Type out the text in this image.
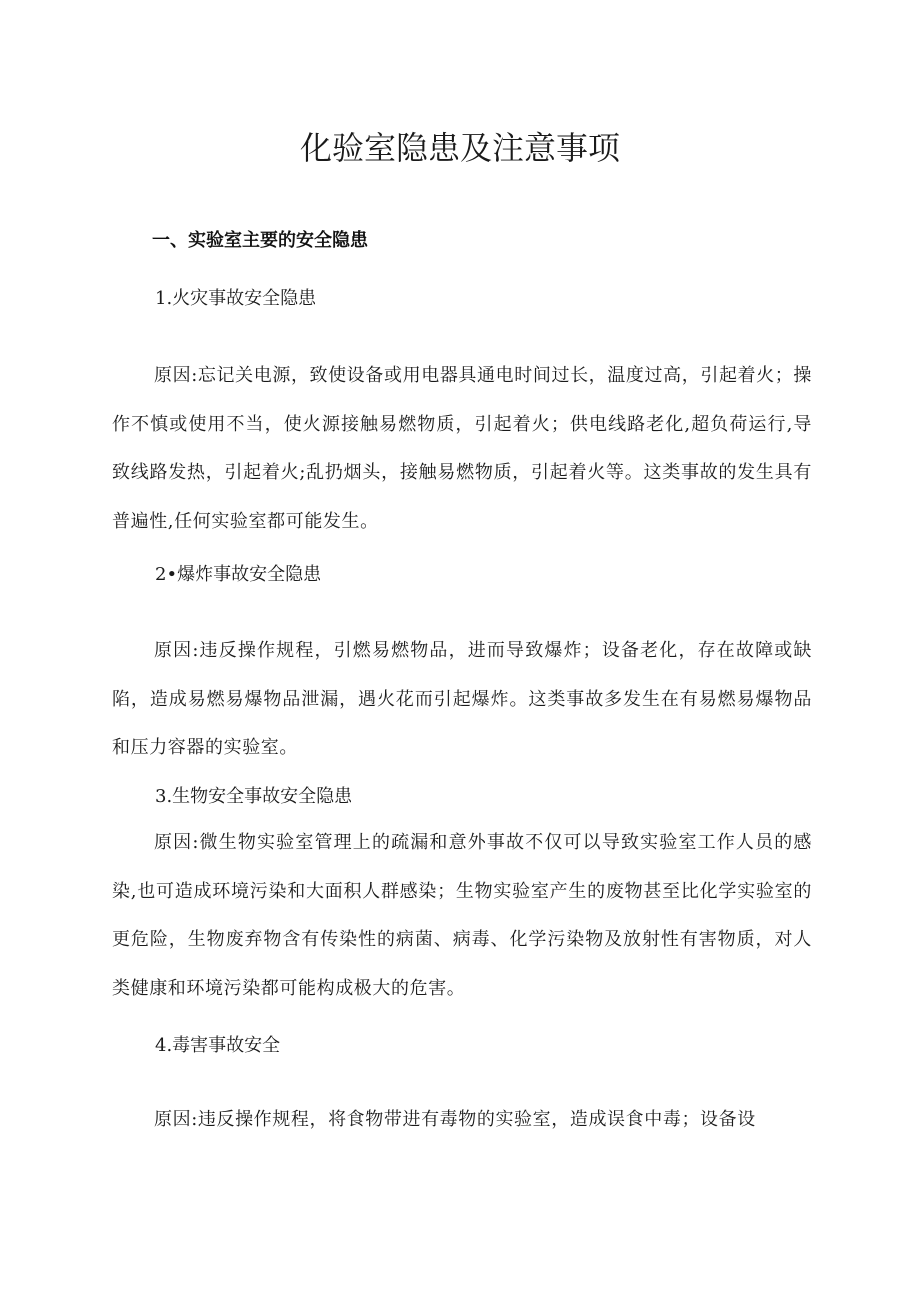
化验室隐患及注意事项
一、实验室主要的安全隐患

1.火灾事故安全隐患

原因:忘记关电源，致使设备或用电器具通电时间过长，温度过高，引起着火；操作不慎或使用不当，使火源接触易燃物质，引起着火；供电线路老化,超负荷运行,导致线路发热，引起着火;乱扔烟头，接触易燃物质，引起着火等。这类事故的发生具有普遍性,任何实验室都可能发生。

2•爆炸事故安全隐患

原因:违反操作规程，引燃易燃物品，进而导致爆炸；设备老化，存在故障或缺陷，造成易燃易爆物品泄漏，遇火花而引起爆炸。这类事故多发生在有易燃易爆物品和压力容器的实验室。

3.生物安全事故安全隐患

原因:微生物实验室管理上的疏漏和意外事故不仅可以导致实验室工作人员的感染,也可造成环境污染和大面积人群感染；生物实验室产生的废物甚至比化学实验室的更危险，生物废弃物含有传染性的病菌、病毒、化学污染物及放射性有害物质，对人类健康和环境污染都可能构成极大的危害。

4.毒害事故安全

原因:违反操作规程，将食物带进有毒物的实验室，造成误食中毒；设备设
